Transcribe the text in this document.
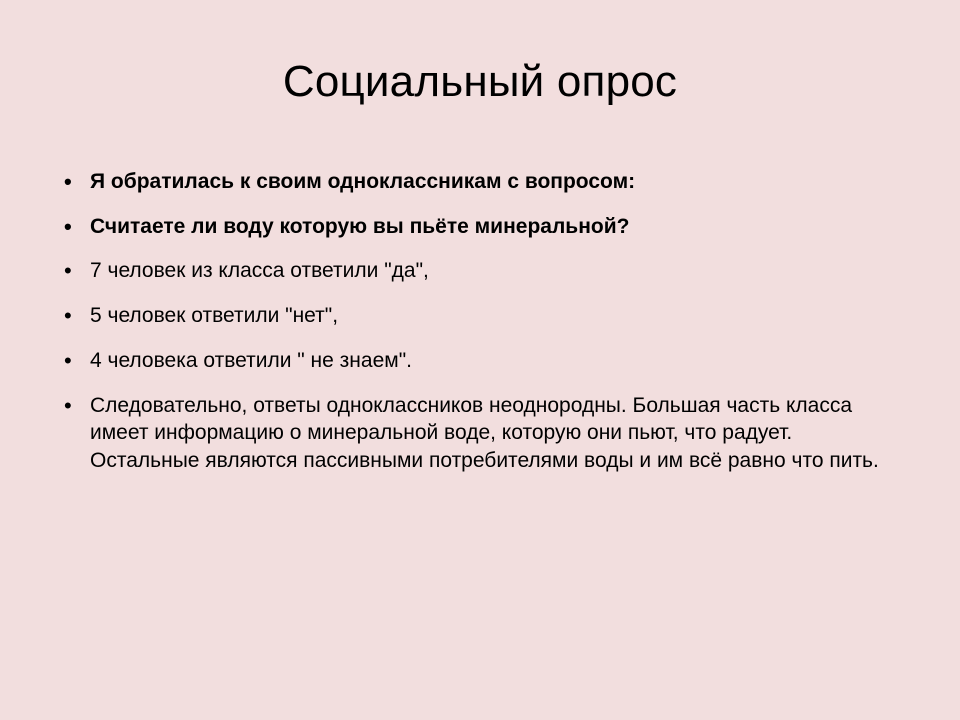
Социальный опрос
• Я обратилась к своим одноклассникам с вопросом:
• Считаете ли воду которую вы пьёте минеральной?
• 7 человек из класса ответили "да",
• 5 человек ответили "нет",
• 4 человека ответили " не знаем".
• Следовательно, ответы одноклассников неоднородны. Большая часть класса имеет информацию о минеральной воде, которую они пьют, что радует. Остальные являются пассивными потребителями воды и им всё равно что пить.
